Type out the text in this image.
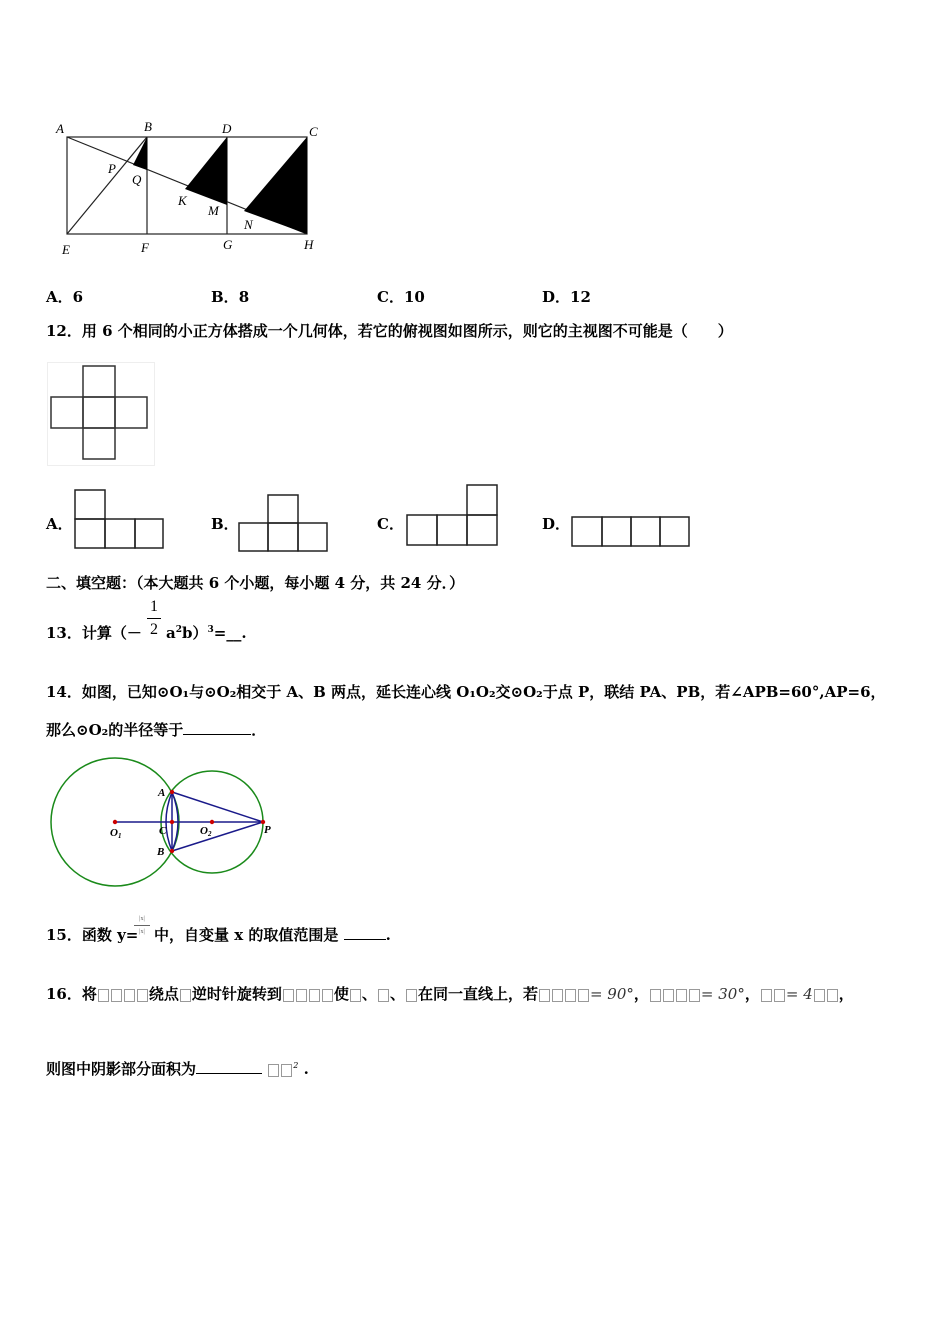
A	B	D	C
P
Q
K
M
N
E	F	G	H
A．6	B．8	C．10	D．12
12．用 6 个相同的小正方体搭成一个几何体，若它的俯视图如图所示，则它的主视图不可能是（　　）
A．	B．	C．	D．
二、填空题：（本大题共 6 个小题，每小题 4 分，共 24 分．）
13．计算（－
1
2 $a^2b)^3=\_\_$.
14．如图，已知⊙O₁与⊙O₂相交于 A、B 两点，延长连心线 O₁O₂交⊙O₂于点 P，联结 PA、PB，若∠APB=60°,AP=6，
那么⊙O₂的半径等于	．
A
O 1	C	O 2	P
B
15．函数 y=
|x|
|x| 中，自变量 x 的取值范围是	.
16．将	绕点 逆时针旋转到	使 、 、 在同一直线上，若	= 90°，	= 30°， = 4 ，
则图中阴影部分面积为	$^2$ .
